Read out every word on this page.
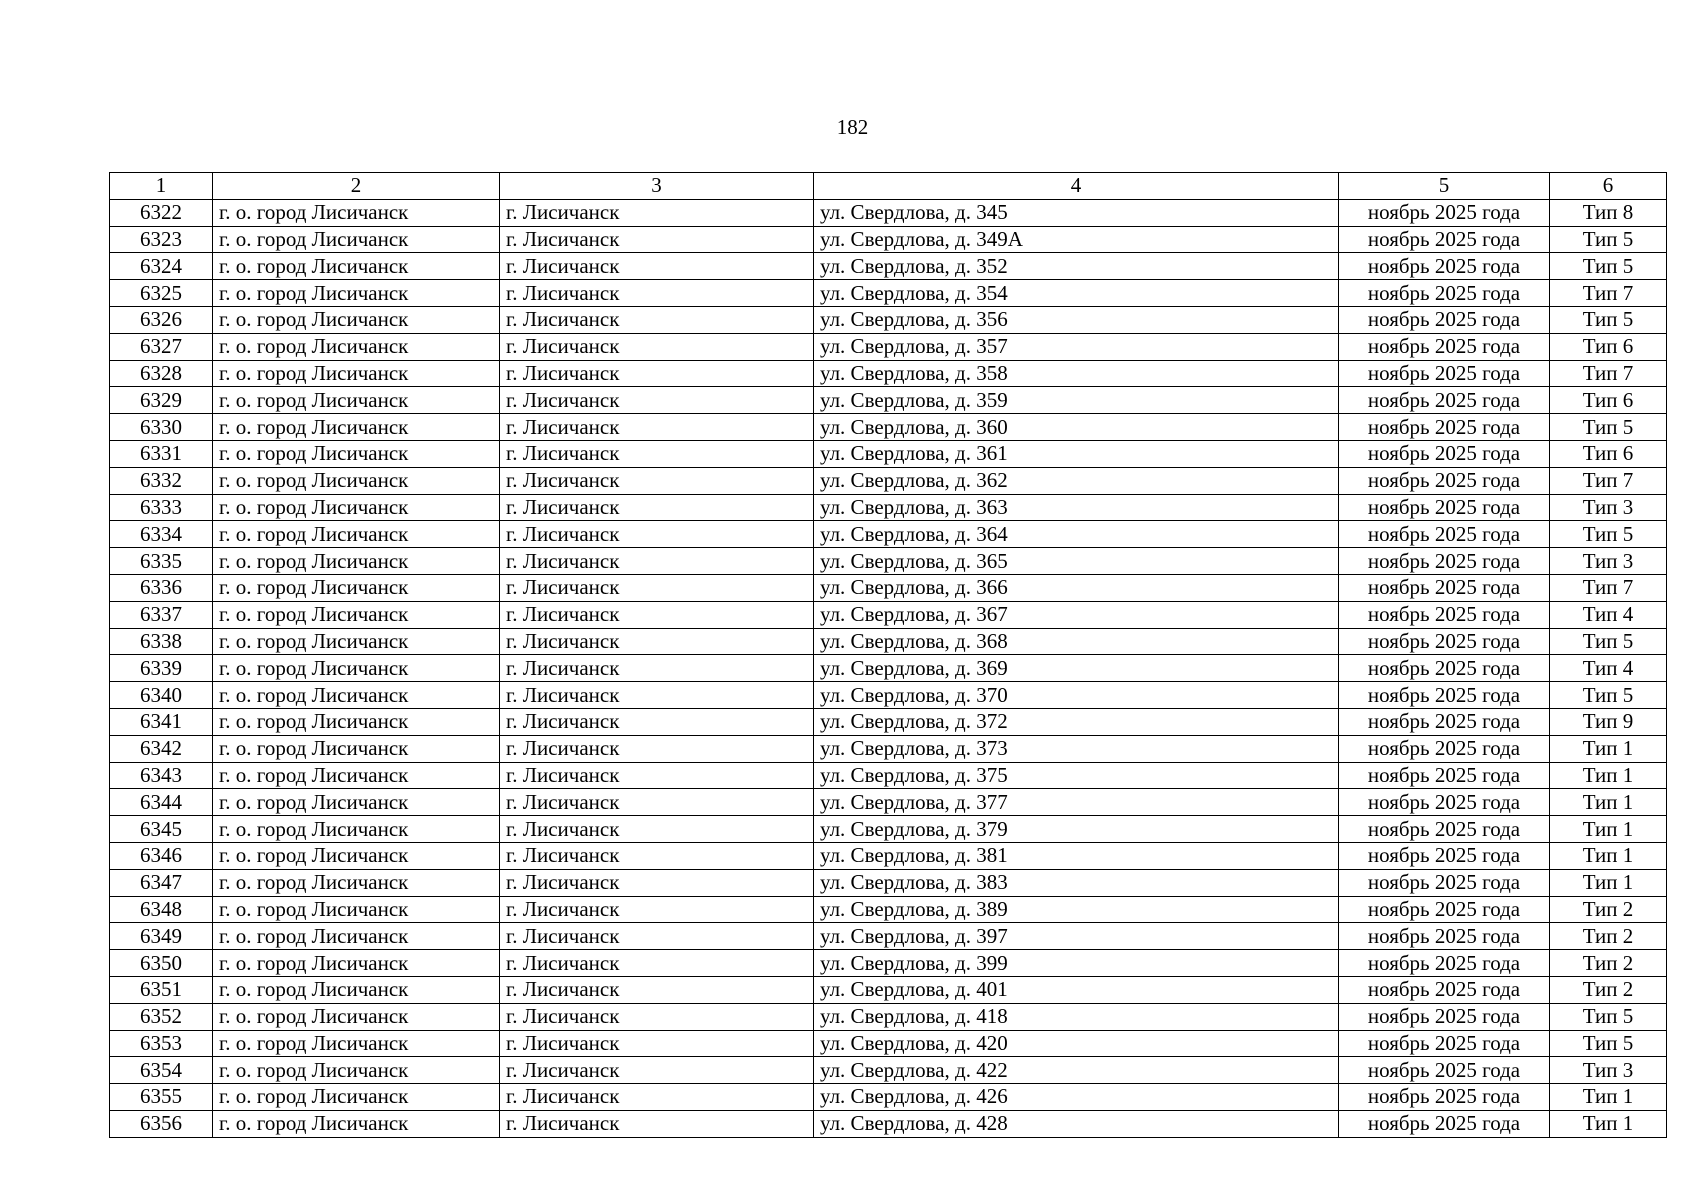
182
1	2	3	4	5	6
6322	г. о. город Лисичанск	г. Лисичанск	ул. Свердлова, д. 345	ноябрь 2025 года	Тип 8
6323	г. о. город Лисичанск	г. Лисичанск	ул. Свердлова, д. 349А	ноябрь 2025 года	Тип 5
6324	г. о. город Лисичанск	г. Лисичанск	ул. Свердлова, д. 352	ноябрь 2025 года	Тип 5
6325	г. о. город Лисичанск	г. Лисичанск	ул. Свердлова, д. 354	ноябрь 2025 года	Тип 7
6326	г. о. город Лисичанск	г. Лисичанск	ул. Свердлова, д. 356	ноябрь 2025 года	Тип 5
6327	г. о. город Лисичанск	г. Лисичанск	ул. Свердлова, д. 357	ноябрь 2025 года	Тип 6
6328	г. о. город Лисичанск	г. Лисичанск	ул. Свердлова, д. 358	ноябрь 2025 года	Тип 7
6329	г. о. город Лисичанск	г. Лисичанск	ул. Свердлова, д. 359	ноябрь 2025 года	Тип 6
6330	г. о. город Лисичанск	г. Лисичанск	ул. Свердлова, д. 360	ноябрь 2025 года	Тип 5
6331	г. о. город Лисичанск	г. Лисичанск	ул. Свердлова, д. 361	ноябрь 2025 года	Тип 6
6332	г. о. город Лисичанск	г. Лисичанск	ул. Свердлова, д. 362	ноябрь 2025 года	Тип 7
6333	г. о. город Лисичанск	г. Лисичанск	ул. Свердлова, д. 363	ноябрь 2025 года	Тип 3
6334	г. о. город Лисичанск	г. Лисичанск	ул. Свердлова, д. 364	ноябрь 2025 года	Тип 5
6335	г. о. город Лисичанск	г. Лисичанск	ул. Свердлова, д. 365	ноябрь 2025 года	Тип 3
6336	г. о. город Лисичанск	г. Лисичанск	ул. Свердлова, д. 366	ноябрь 2025 года	Тип 7
6337	г. о. город Лисичанск	г. Лисичанск	ул. Свердлова, д. 367	ноябрь 2025 года	Тип 4
6338	г. о. город Лисичанск	г. Лисичанск	ул. Свердлова, д. 368	ноябрь 2025 года	Тип 5
6339	г. о. город Лисичанск	г. Лисичанск	ул. Свердлова, д. 369	ноябрь 2025 года	Тип 4
6340	г. о. город Лисичанск	г. Лисичанск	ул. Свердлова, д. 370	ноябрь 2025 года	Тип 5
6341	г. о. город Лисичанск	г. Лисичанск	ул. Свердлова, д. 372	ноябрь 2025 года	Тип 9
6342	г. о. город Лисичанск	г. Лисичанск	ул. Свердлова, д. 373	ноябрь 2025 года	Тип 1
6343	г. о. город Лисичанск	г. Лисичанск	ул. Свердлова, д. 375	ноябрь 2025 года	Тип 1
6344	г. о. город Лисичанск	г. Лисичанск	ул. Свердлова, д. 377	ноябрь 2025 года	Тип 1
6345	г. о. город Лисичанск	г. Лисичанск	ул. Свердлова, д. 379	ноябрь 2025 года	Тип 1
6346	г. о. город Лисичанск	г. Лисичанск	ул. Свердлова, д. 381	ноябрь 2025 года	Тип 1
6347	г. о. город Лисичанск	г. Лисичанск	ул. Свердлова, д. 383	ноябрь 2025 года	Тип 1
6348	г. о. город Лисичанск	г. Лисичанск	ул. Свердлова, д. 389	ноябрь 2025 года	Тип 2
6349	г. о. город Лисичанск	г. Лисичанск	ул. Свердлова, д. 397	ноябрь 2025 года	Тип 2
6350	г. о. город Лисичанск	г. Лисичанск	ул. Свердлова, д. 399	ноябрь 2025 года	Тип 2
6351	г. о. город Лисичанск	г. Лисичанск	ул. Свердлова, д. 401	ноябрь 2025 года	Тип 2
6352	г. о. город Лисичанск	г. Лисичанск	ул. Свердлова, д. 418	ноябрь 2025 года	Тип 5
6353	г. о. город Лисичанск	г. Лисичанск	ул. Свердлова, д. 420	ноябрь 2025 года	Тип 5
6354	г. о. город Лисичанск	г. Лисичанск	ул. Свердлова, д. 422	ноябрь 2025 года	Тип 3
6355	г. о. город Лисичанск	г. Лисичанск	ул. Свердлова, д. 426	ноябрь 2025 года	Тип 1
6356	г. о. город Лисичанск	г. Лисичанск	ул. Свердлова, д. 428	ноябрь 2025 года	Тип 1
